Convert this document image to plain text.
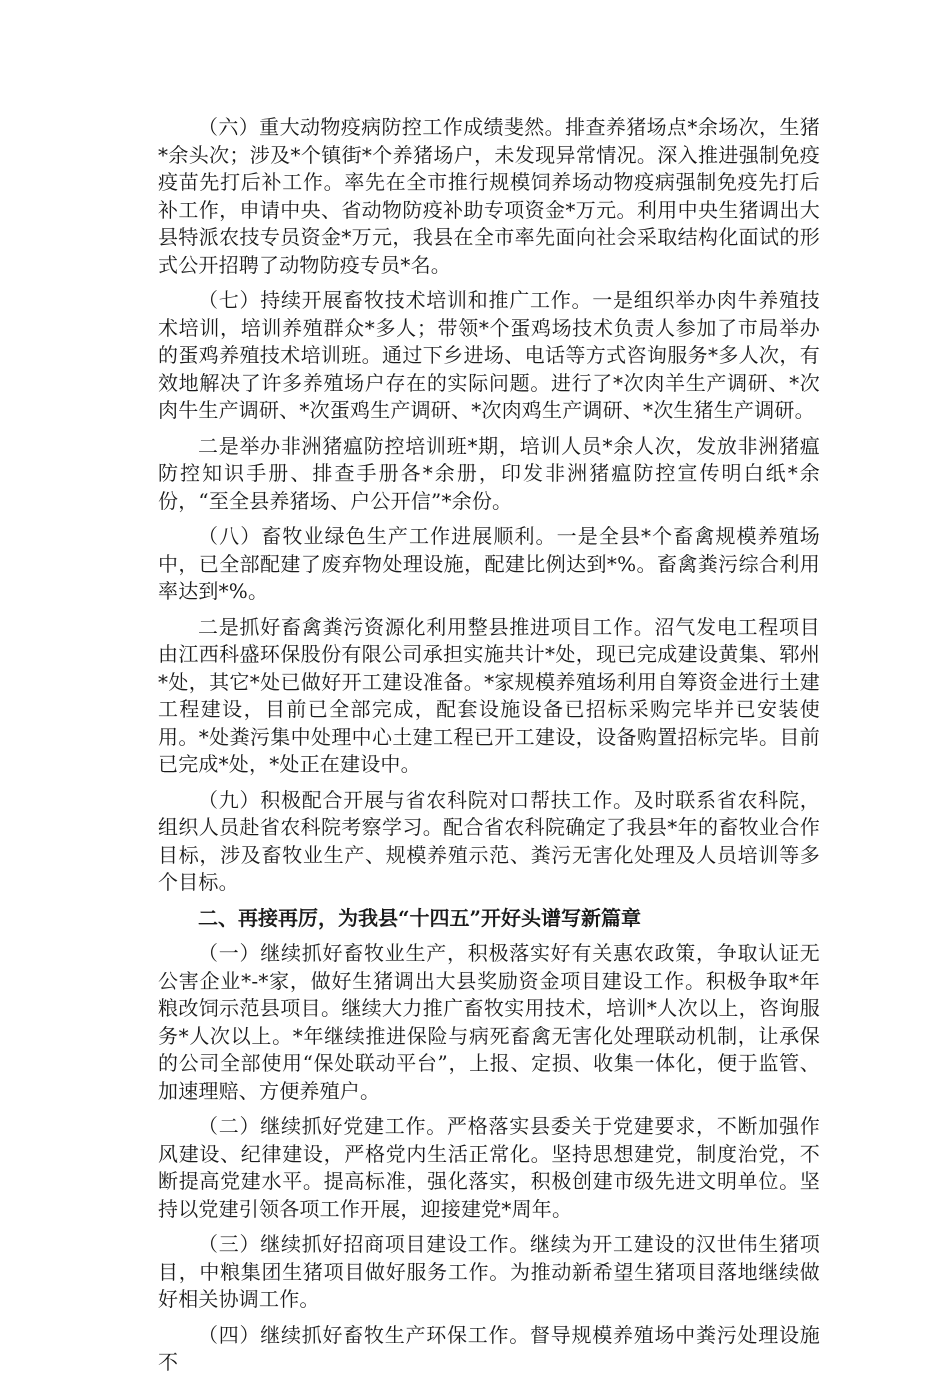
（六）重大动物疫病防控工作成绩斐然。排查养猪场点*余场次，生猪*余头次；涉及*个镇街*个养猪场户，未发现异常情况。深入推进强制免疫疫苗先打后补工作。率先在全市推行规模饲养场动物疫病强制免疫先打后补工作，申请中央、省动物防疫补助专项资金*万元。利用中央生猪调出大县特派农技专员资金*万元，我县在全市率先面向社会采取结构化面试的形式公开招聘了动物防疫专员*名。

（七）持续开展畜牧技术培训和推广工作。一是组织举办肉牛养殖技术培训，培训养殖群众*多人；带领*个蛋鸡场技术负责人参加了市局举办的蛋鸡养殖技术培训班。通过下乡进场、电话等方式咨询服务*多人次，有效地解决了许多养殖场户存在的实际问题。进行了*次肉羊生产调研、*次肉牛生产调研、*次蛋鸡生产调研、*次肉鸡生产调研、*次生猪生产调研。

二是举办非洲猪瘟防控培训班*期，培训人员*余人次，发放非洲猪瘟防控知识手册、排查手册各*余册，印发非洲猪瘟防控宣传明白纸*余份，“至全县养猪场、户公开信”*余份。

（八）畜牧业绿色生产工作进展顺利。一是全县*个畜禽规模养殖场中，已全部配建了废弃物处理设施，配建比例达到*%。畜禽粪污综合利用率达到*%。

二是抓好畜禽粪污资源化利用整县推进项目工作。沼气发电工程项目由江西科盛环保股份有限公司承担实施共计*处，现已完成建设黄集、郓州*处，其它*处已做好开工建设准备。*家规模养殖场利用自筹资金进行土建工程建设，目前已全部完成，配套设施设备已招标采购完毕并已安装使用。*处粪污集中处理中心土建工程已开工建设，设备购置招标完毕。目前已完成*处，*处正在建设中。

（九）积极配合开展与省农科院对口帮扶工作。及时联系省农科院，组织人员赴省农科院考察学习。配合省农科院确定了我县*年的畜牧业合作目标，涉及畜牧业生产、规模养殖示范、粪污无害化处理及人员培训等多个目标。

二、再接再厉，为我县“十四五”开好头谱写新篇章

（一）继续抓好畜牧业生产，积极落实好有关惠农政策，争取认证无公害企业*-*家，做好生猪调出大县奖励资金项目建设工作。积极争取*年粮改饲示范县项目。继续大力推广畜牧实用技术，培训*人次以上，咨询服务*人次以上。*年继续推进保险与病死畜禽无害化处理联动机制，让承保的公司全部使用“保处联动平台”，上报、定损、收集一体化，便于监管、加速理赔、方便养殖户。

（二）继续抓好党建工作。严格落实县委关于党建要求，不断加强作风建设、纪律建设，严格党内生活正常化。坚持思想建党，制度治党，不断提高党建水平。提高标准，强化落实，积极创建市级先进文明单位。坚持以党建引领各项工作开展，迎接建党*周年。

（三）继续抓好招商项目建设工作。继续为开工建设的汉世伟生猪项目，中粮集团生猪项目做好服务工作。为推动新希望生猪项目落地继续做好相关协调工作。

（四）继续抓好畜牧生产环保工作。督导规模养殖场中粪污处理设施不
